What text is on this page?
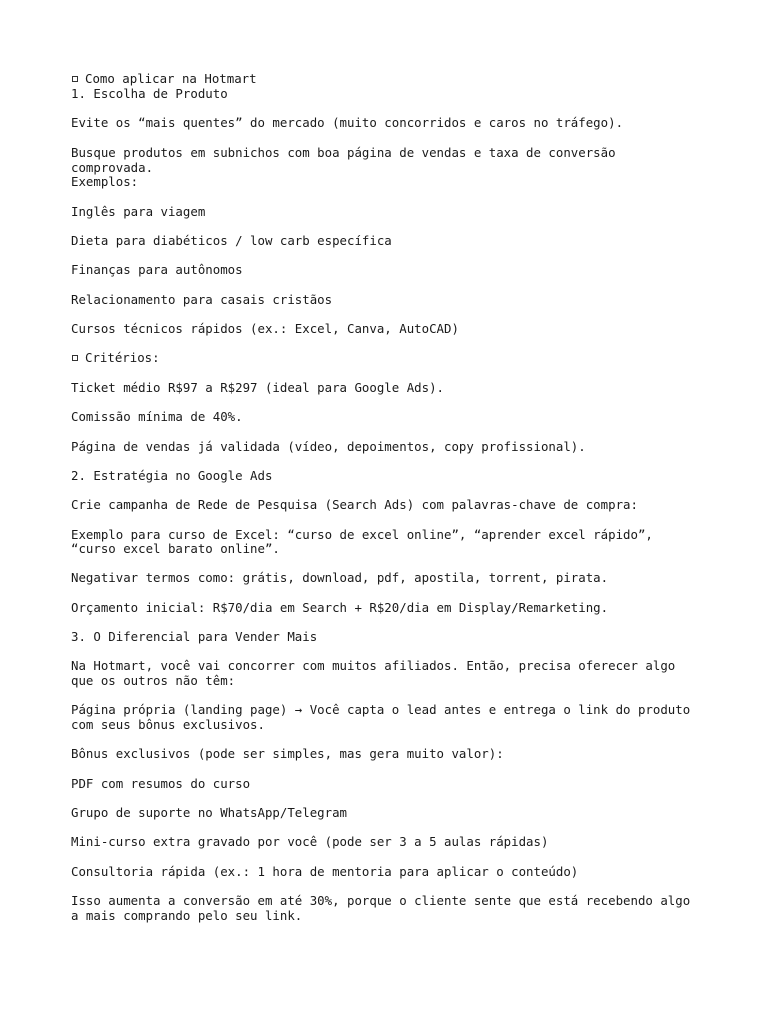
Como aplicar na Hotmart

1. Escolha de Produto

Evite os “mais quentes” do mercado (muito concorridos e caros no tráfego).

Busque produtos em subnichos com boa página de vendas e taxa de conversão

comprovada.

Exemplos:

Inglês para viagem

Dieta para diabéticos / low carb específica

Finanças para autônomos

Relacionamento para casais cristãos

Cursos técnicos rápidos (ex.: Excel, Canva, AutoCAD)

Critérios:

Ticket médio R$97 a R$297 (ideal para Google Ads).

Comissão mínima de 40%.

Página de vendas já validada (vídeo, depoimentos, copy profissional).

2. Estratégia no Google Ads

Crie campanha de Rede de Pesquisa (Search Ads) com palavras-chave de compra:

Exemplo para curso de Excel: “curso de excel online”, “aprender excel rápido”,

“curso excel barato online”.

Negativar termos como: grátis, download, pdf, apostila, torrent, pirata.

Orçamento inicial: R$70/dia em Search + R$20/dia em Display/Remarketing.

3. O Diferencial para Vender Mais

Na Hotmart, você vai concorrer com muitos afiliados. Então, precisa oferecer algo

que os outros não têm:

Página própria (landing page) → Você capta o lead antes e entrega o link do produto

com seus bônus exclusivos.

Bônus exclusivos (pode ser simples, mas gera muito valor):

PDF com resumos do curso

Grupo de suporte no WhatsApp/Telegram

Mini-curso extra gravado por você (pode ser 3 a 5 aulas rápidas)

Consultoria rápida (ex.: 1 hora de mentoria para aplicar o conteúdo)

Isso aumenta a conversão em até 30%, porque o cliente sente que está recebendo algo

a mais comprando pelo seu link.
